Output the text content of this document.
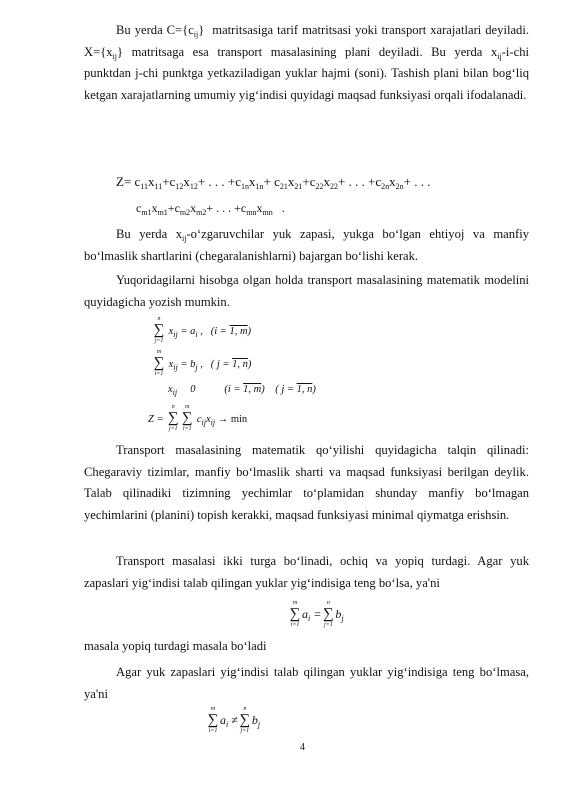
Bu yerda $C=\{c_{ij}\}$  matritsasiga tarif matritsasi yoki transport xarajatlari deyiladi. $X=\{x_{ij}\}$ matritsaga esa transport masalasining plani deyiladi. Bu yerda $x_{ij}-i$-chi punktdan j-chi punktga yetkaziladigan yuklar hajmi (soni). Tashish plani bilan bog‘liq ketgan xarajatlarning umumiy yig‘indisi quyidagi maqsad funksiyasi orqali ifodalanadi.
$Z= c_{11}x_{11}+c_{12}x_{12}+$ . . . $+c_{1n}x_{1n}+ c_{21}x_{21}+c_{22}x_{22}+$ . . . $+c_{2n}x_{2n}+$ . . .
$c_{m1}x_{m1}+c_{m2}x_{m2}+$ . . . $+c_{mn}x_{mn}$   .
Bu yerda $x_{ij}-o‘zgaruvchilar$ yuk zapasi, yukga bo‘lgan ehtiyoj va manfiy bo‘lmaslik shartlarini (chegaralanishlarni) bajargan bo‘lishi kerak.
Yuqoridagilarni hisobga olgan holda transport masalasining matematik modelini quyidagicha yozish mumkin.
n
∑
j=1
$x_{ij} = a_i$ ,   (i = 1, m)
m
∑
i=1
$x_{ij} = b_j$ ,   ( j = 1, n)
$x_{ij}$     0           (i = 1, m)    ( j = 1, n)
Z =
n
∑
j=1
m
∑
i=1
$c_{ij}x_{ij} \to \min$
Transport masalasining matematik qo‘yilishi quyidagicha talqin qilinadi: Chegaraviy tizimlar, manfiy bo‘lmaslik sharti va maqsad funksiyasi berilgan deylik. Talab qilinadiki tizimning yechimlar to‘plamidan shunday manfiy bo‘lmagan yechimlarini (planini) topish kerakki, maqsad funksiyasi minimal qiymatga erishsin.
Transport masalasi ikki turga bo‘linadi, ochiq va yopiq turdagi. Agar yuk zapaslari yig‘indisi talab qilingan yuklar yig‘indisiga teng bo‘lsa, ya'ni
m
∑
i=1
$a_i$ =
n
∑
j=1
$b_j$
masala yopiq turdagi masala bo‘ladi
Agar yuk zapaslari yig‘indisi talab qilingan yuklar yig‘indisiga teng bo‘lmasa, ya'ni
m
∑
i=1
$a_i$ ≠
n
∑
j=1
$b_j$
4
